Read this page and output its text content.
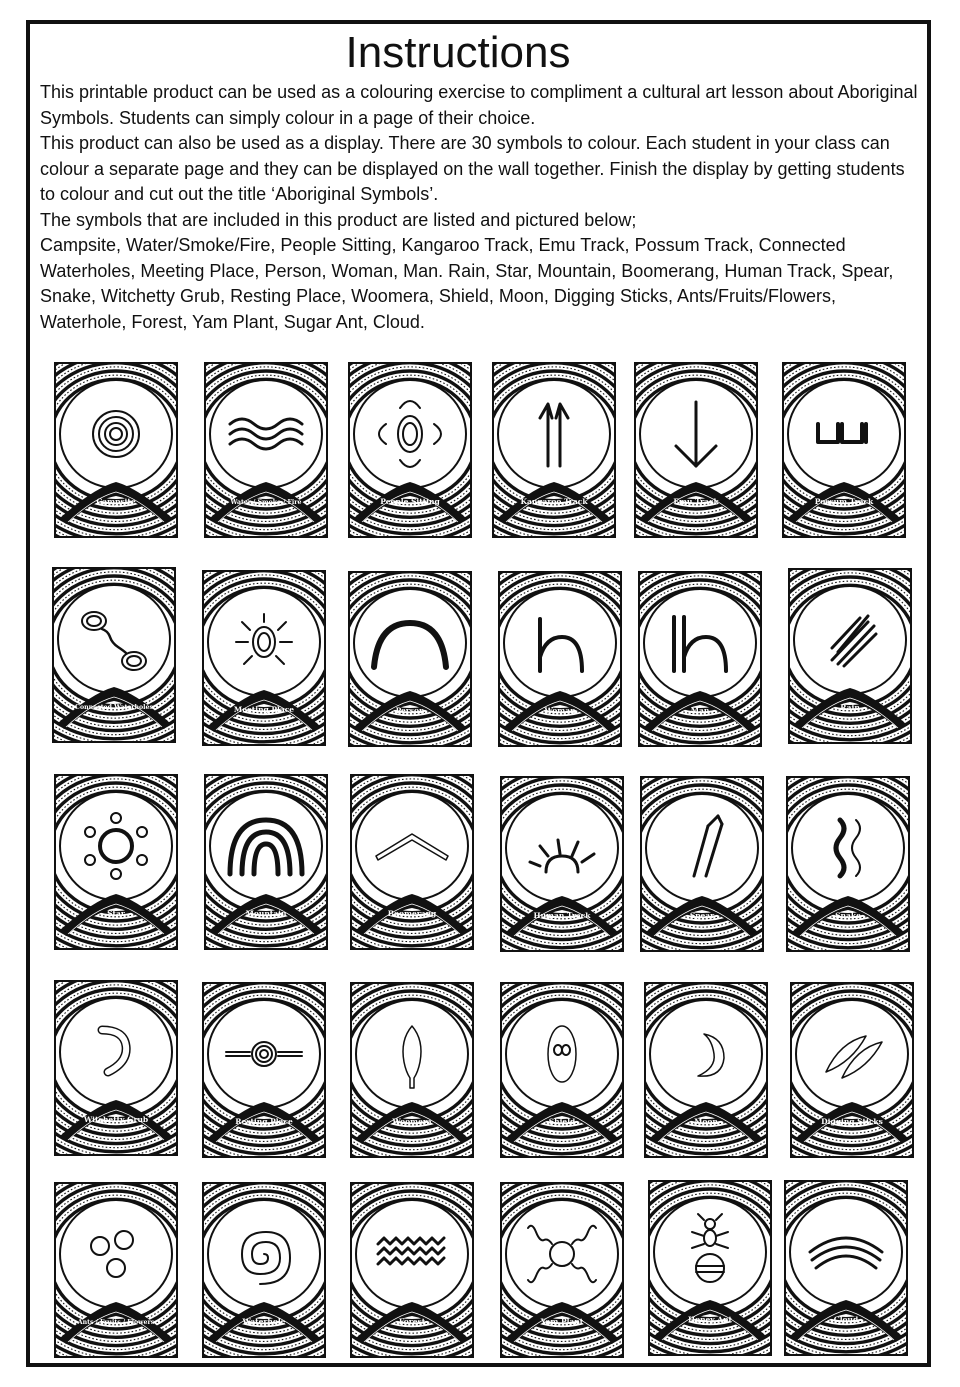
Instructions

This printable product can be used as a colouring exercise to compliment a cultural art lesson about Aboriginal Symbols. Students can simply colour in a page of their choice.

This product can also be used as a display. There are 30 symbols to colour. Each student in your class can colour a separate page and they can be displayed on the wall together. Finish the display by getting students to colour and cut out the title ‘Aboriginal Symbols’.

The symbols that are included in this product are listed and pictured below;

Campsite, Water/Smoke/Fire, People Sitting, Kangaroo Track, Emu Track, Possum Track, Connected Waterholes, Meeting Place, Person, Woman, Man. Rain, Star, Mountain, Boomerang, Human Track, Spear, Snake, Witchetty Grub, Resting Place, Woomera, Shield, Moon, Digging Sticks, Ants/Fruits/Flowers, Waterhole, Forest, Yam Plant, Sugar Ant, Cloud.

Campsite	Water / Smoke / Fire	People Sitting	Kangaroo Track	Emu Track	Possum Track
Connected Waterholes	Meeting Place	Person	Woman	Man	Rain
Star	Mountain	Boomerang	Human Track	Spear	Snake
Witchetty Grub	Resting Place	Woomera	Shield	Moon	Digging Sticks
Ants / Fruits / Flowers	Waterhole	Forest	Yam Plant	Honey Ant	Cloud
